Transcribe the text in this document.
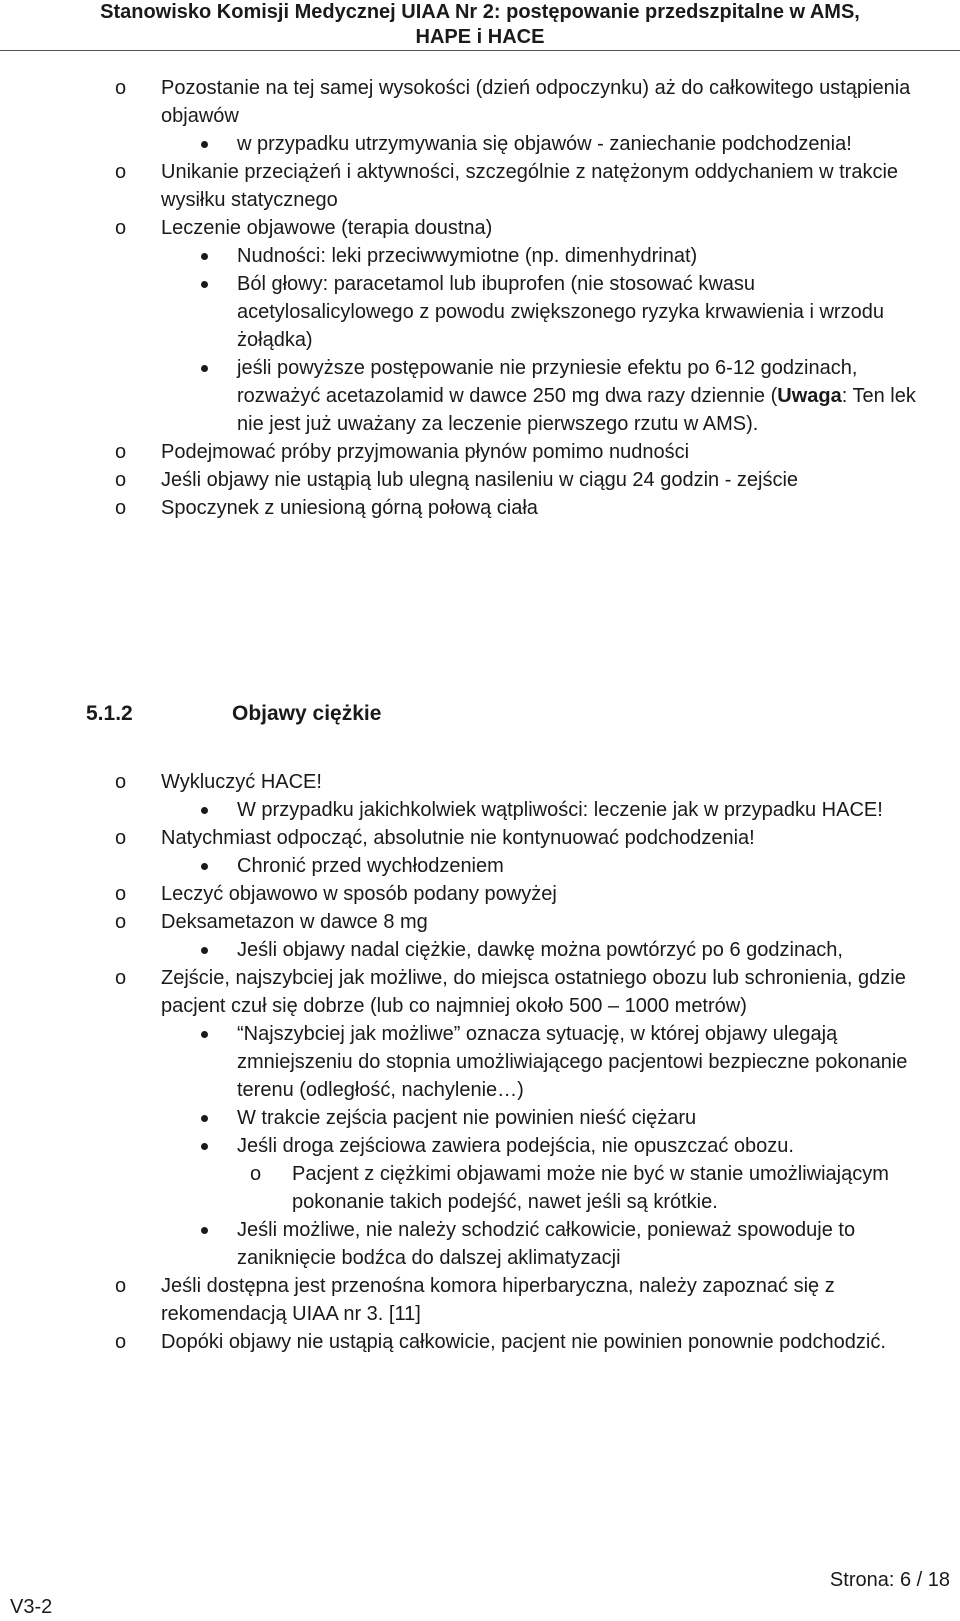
Stanowisko Komisji Medycznej UIAA Nr 2: postępowanie przedszpitalne w AMS,
HAPE i HACE
o Pozostanie na tej samej wysokości (dzień odpoczynku) aż do całkowitego ustąpienia objawów
w przypadku utrzymywania się objawów - zaniechanie podchodzenia!
o Unikanie przeciążeń i aktywności, szczególnie z natężonym oddychaniem w trakcie wysiłku statycznego
o Leczenie objawowe (terapia doustna)
Nudności: leki przeciwwymiotne (np. dimenhydrinat)
Ból głowy: paracetamol lub ibuprofen (nie stosować kwasu acetylosalicylowego z powodu zwiększonego ryzyka krwawienia i wrzodu żołądka)
jeśli powyższe postępowanie nie przyniesie efektu po 6-12 godzinach, rozważyć acetazolamid w dawce 250 mg dwa razy dziennie (Uwaga: Ten lek nie jest już uważany za leczenie pierwszego rzutu w AMS).
o Podejmować próby przyjmowania płynów pomimo nudności
o Jeśli objawy nie ustąpią lub ulegną nasileniu w ciągu 24 godzin - zejście
o Spoczynek z uniesioną górną połową ciała
5.1.2	Objawy ciężkie
o Wykluczyć HACE!
W przypadku jakichkolwiek wątpliwości: leczenie jak w przypadku HACE!
o Natychmiast odpocząć, absolutnie nie kontynuować podchodzenia!
Chronić przed wychłodzeniem
o Leczyć objawowo w sposób podany powyżej
o Deksametazon w dawce 8 mg
Jeśli objawy nadal ciężkie, dawkę można powtórzyć po 6 godzinach,
o Zejście, najszybciej jak możliwe, do miejsca ostatniego obozu lub schronienia, gdzie pacjent czuł się dobrze (lub co najmniej około 500 – 1000 metrów)
“Najszybciej jak możliwe” oznacza sytuację, w której objawy ulegają zmniejszeniu do stopnia umożliwiającego pacjentowi bezpieczne pokonanie terenu (odległość, nachylenie…)
W trakcie zejścia pacjent nie powinien nieść ciężaru
Jeśli droga zejściowa zawiera podejścia, nie opuszczać obozu.
o Pacjent z ciężkimi objawami może nie być w stanie umożliwiającym pokonanie takich podejść, nawet jeśli są krótkie.
Jeśli możliwe, nie należy schodzić całkowicie, ponieważ spowoduje to zaniknięcie bodźca do dalszej aklimatyzacji
o Jeśli dostępna jest przenośna komora hiperbaryczna, należy zapoznać się z rekomendacją UIAA nr 3. [11]
o Dopóki objawy nie ustąpią całkowicie, pacjent nie powinien ponownie podchodzić.
Strona: 6 / 18
V3-2
